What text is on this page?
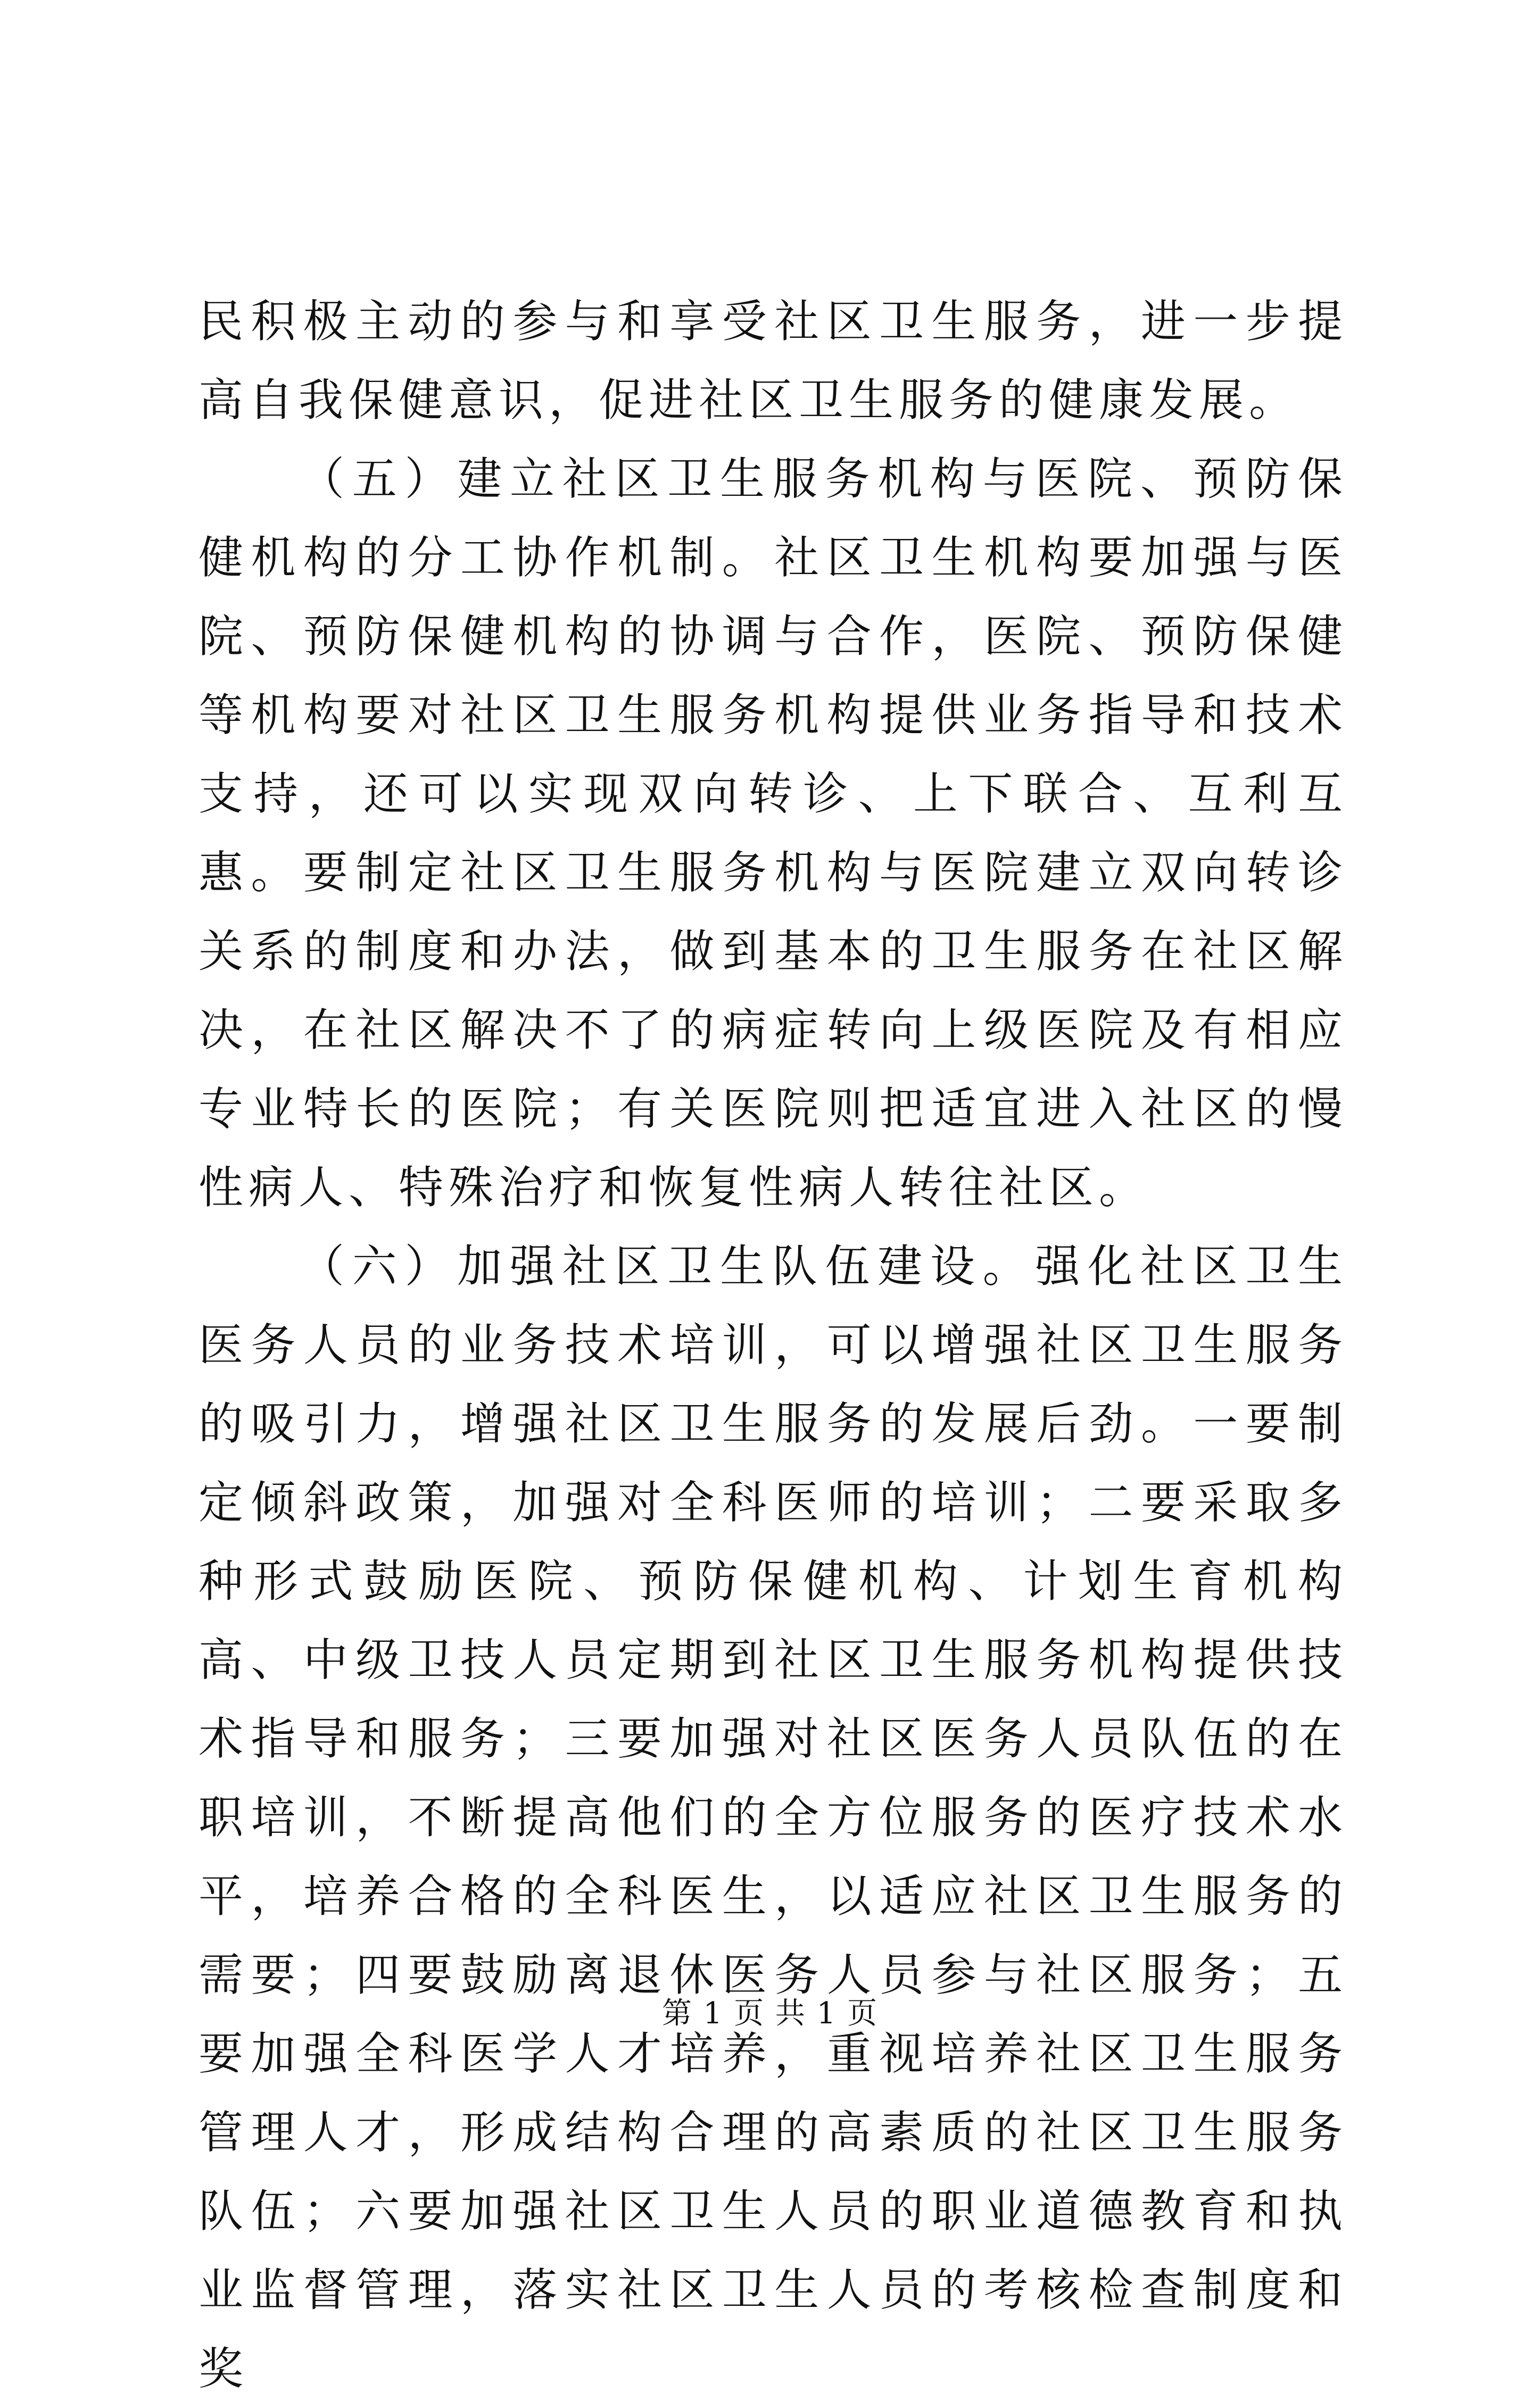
民积极主动的参与和享受社区卫生服务，进一步提高自我保健意识，促进社区卫生服务的健康发展。

（五）建立社区卫生服务机构与医院、预防保健机构的分工协作机制。社区卫生机构要加强与医院、预防保健机构的协调与合作，医院、预防保健等机构要对社区卫生服务机构提供业务指导和技术支持，还可以实现双向转诊、上下联合、互利互惠。要制定社区卫生服务机构与医院建立双向转诊关系的制度和办法，做到基本的卫生服务在社区解决，在社区解决不了的病症转向上级医院及有相应专业特长的医院；有关医院则把适宜进入社区的慢性病人、特殊治疗和恢复性病人转往社区。

（六）加强社区卫生队伍建设。强化社区卫生医务人员的业务技术培训，可以增强社区卫生服务的吸引力，增强社区卫生服务的发展后劲。一要制定倾斜政策，加强对全科医师的培训；二要采取多种形式鼓励医院、预防保健机构、计划生育机构高、中级卫技人员定期到社区卫生服务机构提供技术指导和服务；三要加强对社区医务人员队伍的在职培训，不断提高他们的全方位服务的医疗技术水平，培养合格的全科医生，以适应社区卫生服务的需要；四要鼓励离退休医务人员参与社区服务；五要加强全科医学人才培养，重视培养社区卫生服务管理人才，形成结构合理的高素质的社区卫生服务队伍；六要加强社区卫生人员的职业道德教育和执业监督管理，落实社区卫生人员的考核检查制度和奖

第 1 页 共 1 页
